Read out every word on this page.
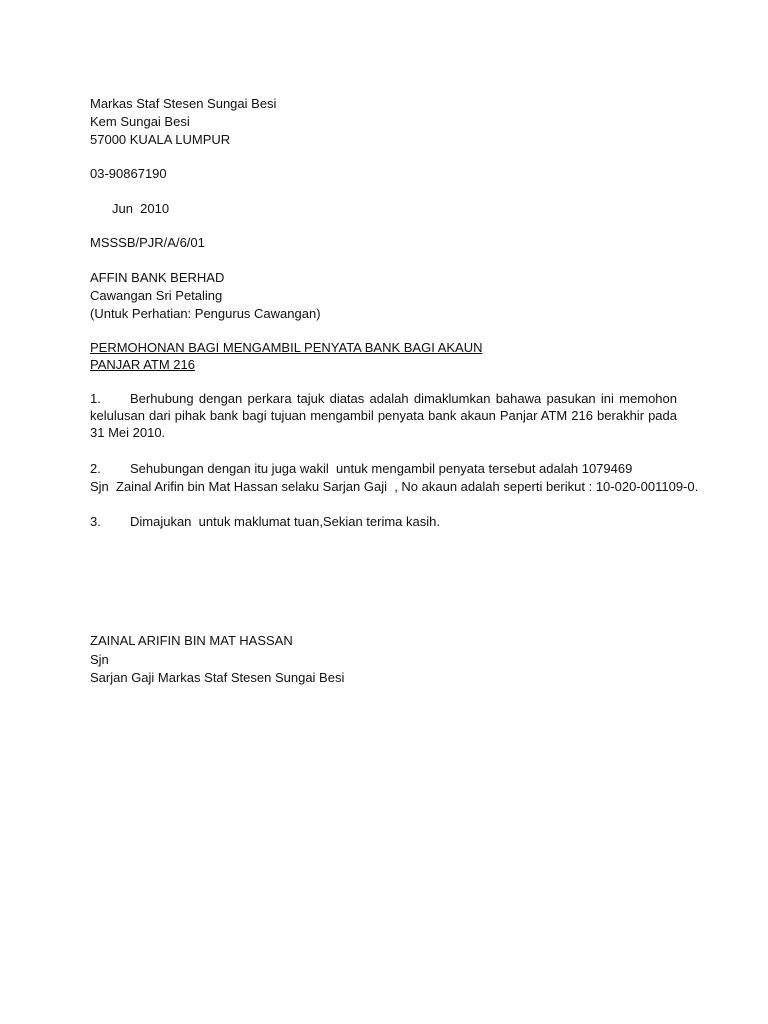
Markas Staf Stesen Sungai Besi
Kem Sungai Besi
57000 KUALA LUMPUR
03-90867190
Jun  2010
MSSSB/PJR/A/6/01
AFFIN BANK BERHAD
Cawangan Sri Petaling
(Untuk Perhatian: Pengurus Cawangan)
PERMOHONAN BAGI MENGAMBIL PENYATA BANK BAGI AKAUN
PANJAR ATM 216
1. Berhubung dengan perkara tajuk diatas adalah dimaklumkan bahawa pasukan ini memohon kelulusan dari pihak bank bagi tujuan mengambil penyata bank akaun Panjar ATM 216 berakhir pada 31 Mei 2010.
2. Sehubungan dengan itu juga wakil  untuk mengambil penyata tersebut adalah 1079469
Sjn  Zainal Arifin bin Mat Hassan selaku Sarjan Gaji  , No akaun adalah seperti berikut : 10-020-001109-0.
3. Dimajukan  untuk maklumat tuan,Sekian terima kasih.
ZAINAL ARIFIN BIN MAT HASSAN
Sjn
Sarjan Gaji Markas Staf Stesen Sungai Besi
